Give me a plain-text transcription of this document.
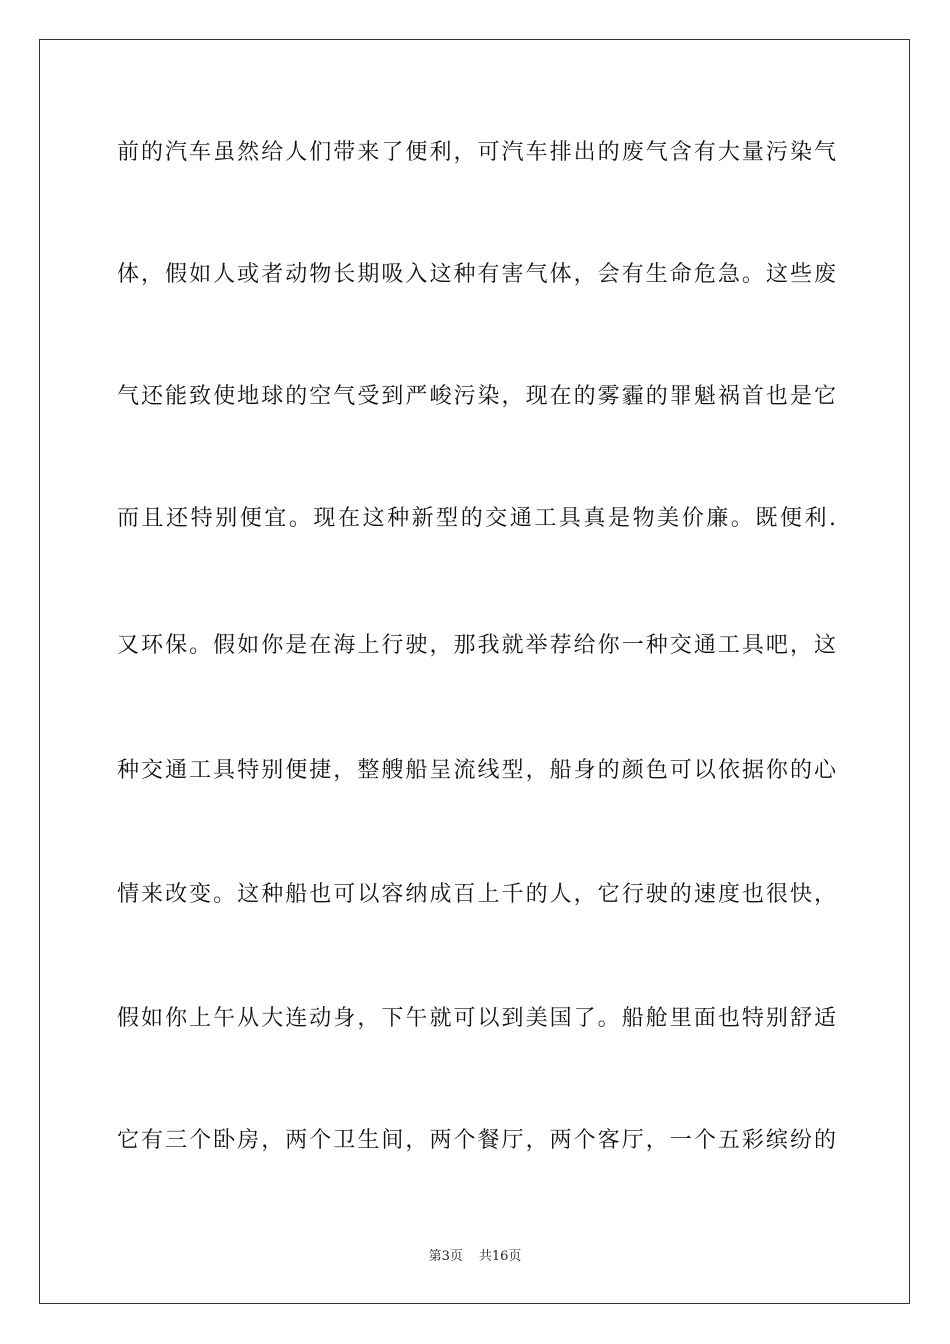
前的汽车虽然给人们带来了便利，可汽车排出的废气含有大量污染气
体，假如人或者动物长期吸入这种有害气体，会有生命危急。这些废
气还能致使地球的空气受到严峻污染，现在的雾霾的罪魁祸首也是它
而且还特别便宜。现在这种新型的交通工具真是物美价廉。既便利.
又环保。假如你是在海上行驶，那我就举荐给你一种交通工具吧，这
种交通工具特别便捷，整艘船呈流线型，船身的颜色可以依据你的心
情来改变。这种船也可以容纳成百上千的人，它行驶的速度也很快，
假如你上午从大连动身，下午就可以到美国了。船舱里面也特别舒适
它有三个卧房，两个卫生间，两个餐厅，两个客厅，一个五彩缤纷的
第3页 共16页
